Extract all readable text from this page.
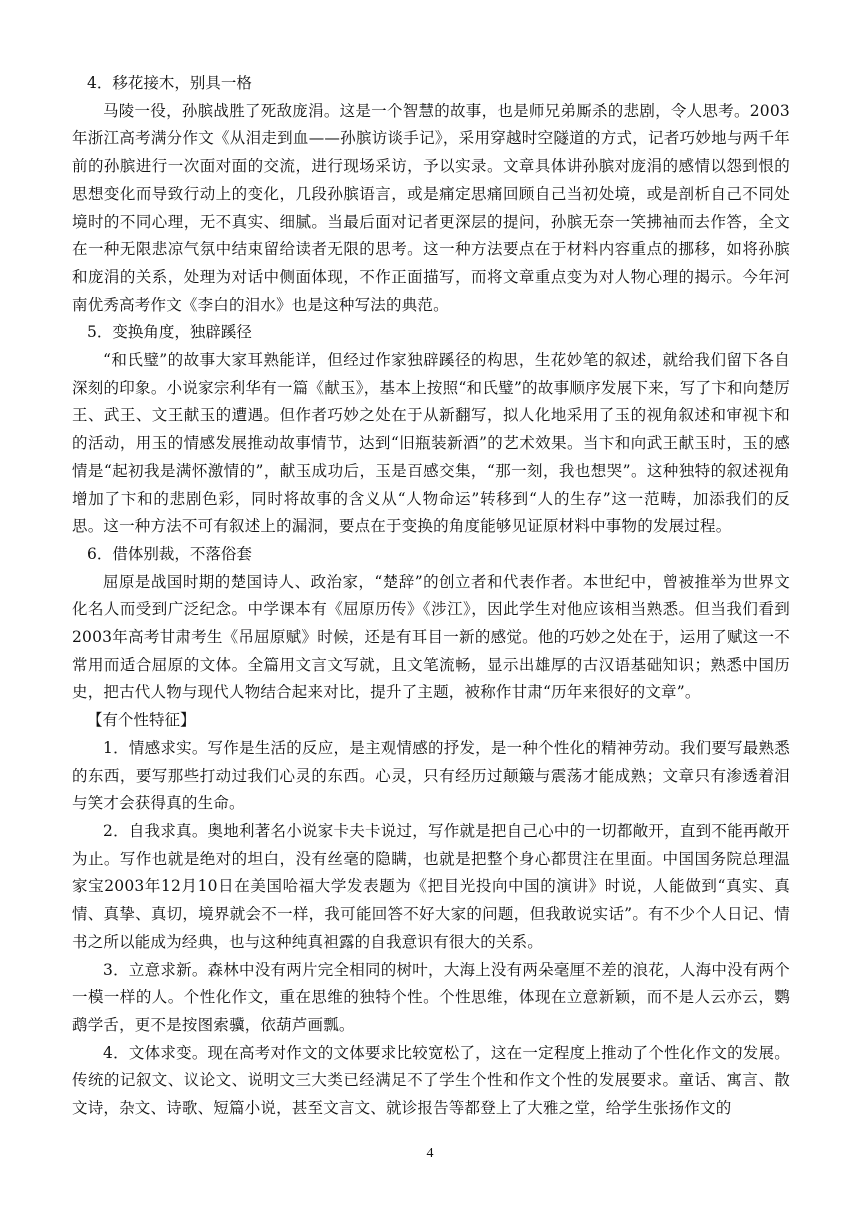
4．移花接木，别具一格

马陵一役，孙膑战胜了死敌庞涓。这是一个智慧的故事，也是师兄弟厮杀的悲剧，令人思考。2003年浙江高考满分作文《从泪走到血——孙膑访谈手记》，采用穿越时空隧道的方式，记者巧妙地与两千年前的孙膑进行一次面对面的交流，进行现场采访，予以实录。文章具体讲孙膑对庞涓的感情以怨到恨的思想变化而导致行动上的变化，几段孙膑语言，或是痛定思痛回顾自己当初处境，或是剖析自己不同处境时的不同心理，无不真实、细腻。当最后面对记者更深层的提问，孙膑无奈一笑拂袖而去作答，全文在一种无限悲凉气氛中结束留给读者无限的思考。这一种方法要点在于材料内容重点的挪移，如将孙膑和庞涓的关系，处理为对话中侧面体现，不作正面描写，而将文章重点变为对人物心理的揭示。今年河南优秀高考作文《李白的泪水》也是这种写法的典范。

5．变换角度，独辟蹊径

“和氏璧”的故事大家耳熟能详，但经过作家独辟蹊径的构思，生花妙笔的叙述，就给我们留下各自深刻的印象。小说家宗利华有一篇《献玉》，基本上按照“和氏璧”的故事顺序发展下来，写了卞和向楚厉王、武王、文王献玉的遭遇。但作者巧妙之处在于从新翻写，拟人化地采用了玉的视角叙述和审视卞和的活动，用玉的情感发展推动故事情节，达到“旧瓶装新酒”的艺术效果。当卞和向武王献玉时，玉的感情是“起初我是满怀激情的”，献玉成功后，玉是百感交集，“那一刻，我也想哭”。这种独特的叙述视角增加了卞和的悲剧色彩，同时将故事的含义从“人物命运”转移到“人的生存”这一范畴，加添我们的反思。这一种方法不可有叙述上的漏洞，要点在于变换的角度能够见证原材料中事物的发展过程。

6．借体别裁，不落俗套

屈原是战国时期的楚国诗人、政治家，“楚辞”的创立者和代表作者。本世纪中，曾被推举为世界文化名人而受到广泛纪念。中学课本有《屈原历传》《涉江》，因此学生对他应该相当熟悉。但当我们看到2003年高考甘肃考生《吊屈原赋》时候，还是有耳目一新的感觉。他的巧妙之处在于，运用了赋这一不常用而适合屈原的文体。全篇用文言文写就，且文笔流畅，显示出雄厚的古汉语基础知识；熟悉中国历史，把古代人物与现代人物结合起来对比，提升了主题，被称作甘肃“历年来很好的文章”。

【有个性特征】

1．情感求实。写作是生活的反应，是主观情感的抒发，是一种个性化的精神劳动。我们要写最熟悉的东西，要写那些打动过我们心灵的东西。心灵，只有经历过颠簸与震荡才能成熟；文章只有渗透着泪与笑才会获得真的生命。

2．自我求真。奥地利著名小说家卡夫卡说过，写作就是把自己心中的一切都敞开，直到不能再敞开为止。写作也就是绝对的坦白，没有丝毫的隐瞒，也就是把整个身心都贯注在里面。中国国务院总理温家宝2003年12月10日在美国哈福大学发表题为《把目光投向中国的演讲》时说，人能做到“真实、真情、真挚、真切，境界就会不一样，我可能回答不好大家的问题，但我敢说实话”。有不少个人日记、情书之所以能成为经典，也与这种纯真袒露的自我意识有很大的关系。

3．立意求新。森林中没有两片完全相同的树叶，大海上没有两朵毫厘不差的浪花，人海中没有两个一模一样的人。个性化作文，重在思维的独特个性。个性思维，体现在立意新颖，而不是人云亦云，鹦鹉学舌，更不是按图索骥，依葫芦画瓢。

4．文体求变。现在高考对作文的文体要求比较宽松了，这在一定程度上推动了个性化作文的发展。传统的记叙文、议论文、说明文三大类已经满足不了学生个性和作文个性的发展要求。童话、寓言、散文诗，杂文、诗歌、短篇小说，甚至文言文、就诊报告等都登上了大雅之堂，给学生张扬作文的

4
